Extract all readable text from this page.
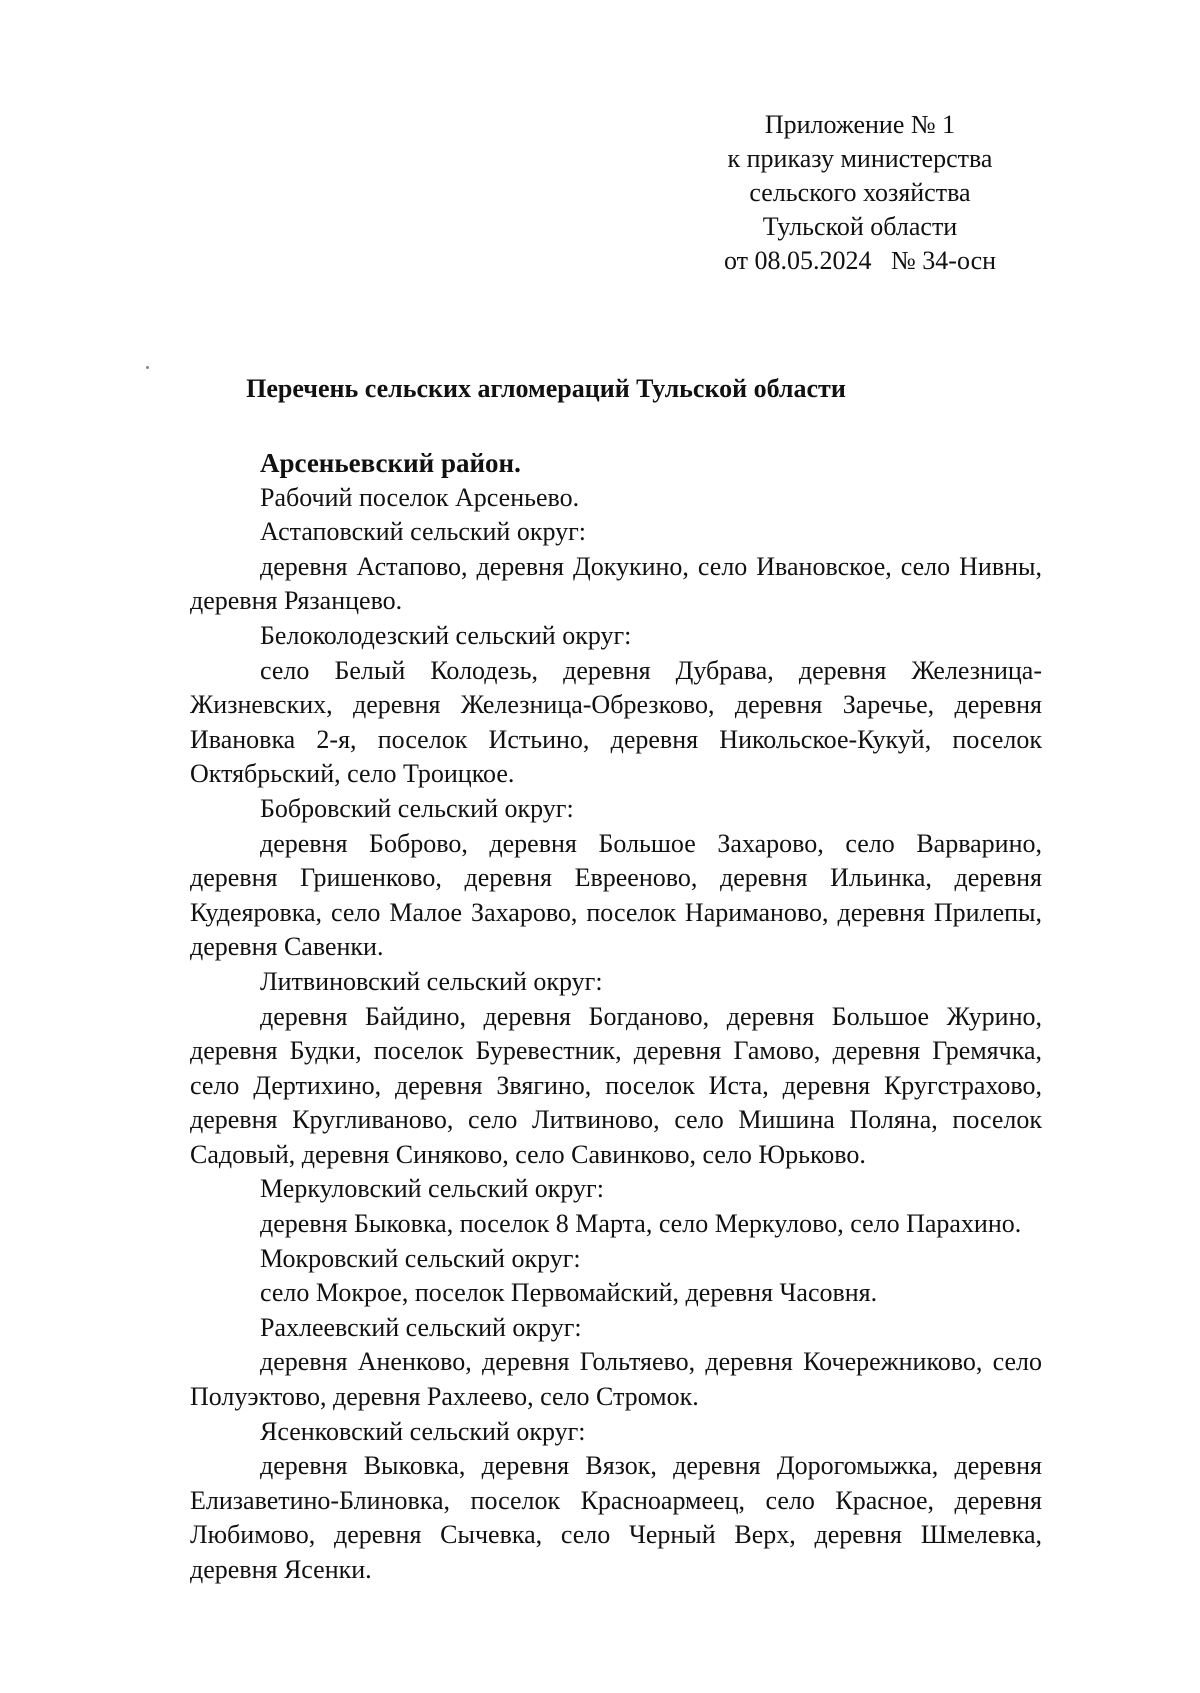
Приложение № 1
к приказу министерства
сельского хозяйства
Тульской области
от 08.05.2024   № 34-осн
Перечень сельских агломераций Тульской области
Арсеньевский район.
Рабочий поселок Арсеньево.
Астаповский сельский округ:
деревня Астапово, деревня Докукино, село Ивановское, село Нивны, деревня Рязанцево.
Белоколодезский сельский округ:
село Белый Колодезь, деревня Дубрава, деревня Железница-Жизневских, деревня Железница-Обрезково, деревня Заречье, деревня Ивановка 2-я, поселок Истьино, деревня Никольское-Кукуй, поселок Октябрьский, село Троицкое.
Бобровский сельский округ:
деревня Боброво, деревня Большое Захарово, село Варварино, деревня Гришенково, деревня Евреeново, деревня Ильинка, деревня Кудеяровка, село Малое Захарово, поселок Нариманово, деревня Прилепы, деревня Савенки.
Литвиновский сельский округ:
деревня Байдино, деревня Богданово, деревня Большое Журино, деревня Будки, поселок Буревестник, деревня Гамово, деревня Гремячка, село Дертихино, деревня Звягино, поселок Иста, деревня Кругстрахово, деревня Кругливаново, село Литвиново, село Мишина Поляна, поселок Садовый, деревня Синяково, село Савинково, село Юрьково.
Меркуловский сельский округ:
деревня Быковка, поселок 8 Марта, село Меркулово, село Парахино.
Мокровский сельский округ:
село Мокрое, поселок Первомайский, деревня Часовня.
Рахлеевский сельский округ:
деревня Аненково, деревня Гольтяево, деревня Кочережниково, село Полуэктово, деревня Рахлеево, село Стромок.
Ясенковский сельский округ:
деревня Выковка, деревня Вязок, деревня Дорогомыжка, деревня Елизаветино-Блиновка, поселок Красноармеец, село Красное, деревня Любимово, деревня Сычевка, село Черный Верх, деревня Шмелевка, деревня Ясенки.
